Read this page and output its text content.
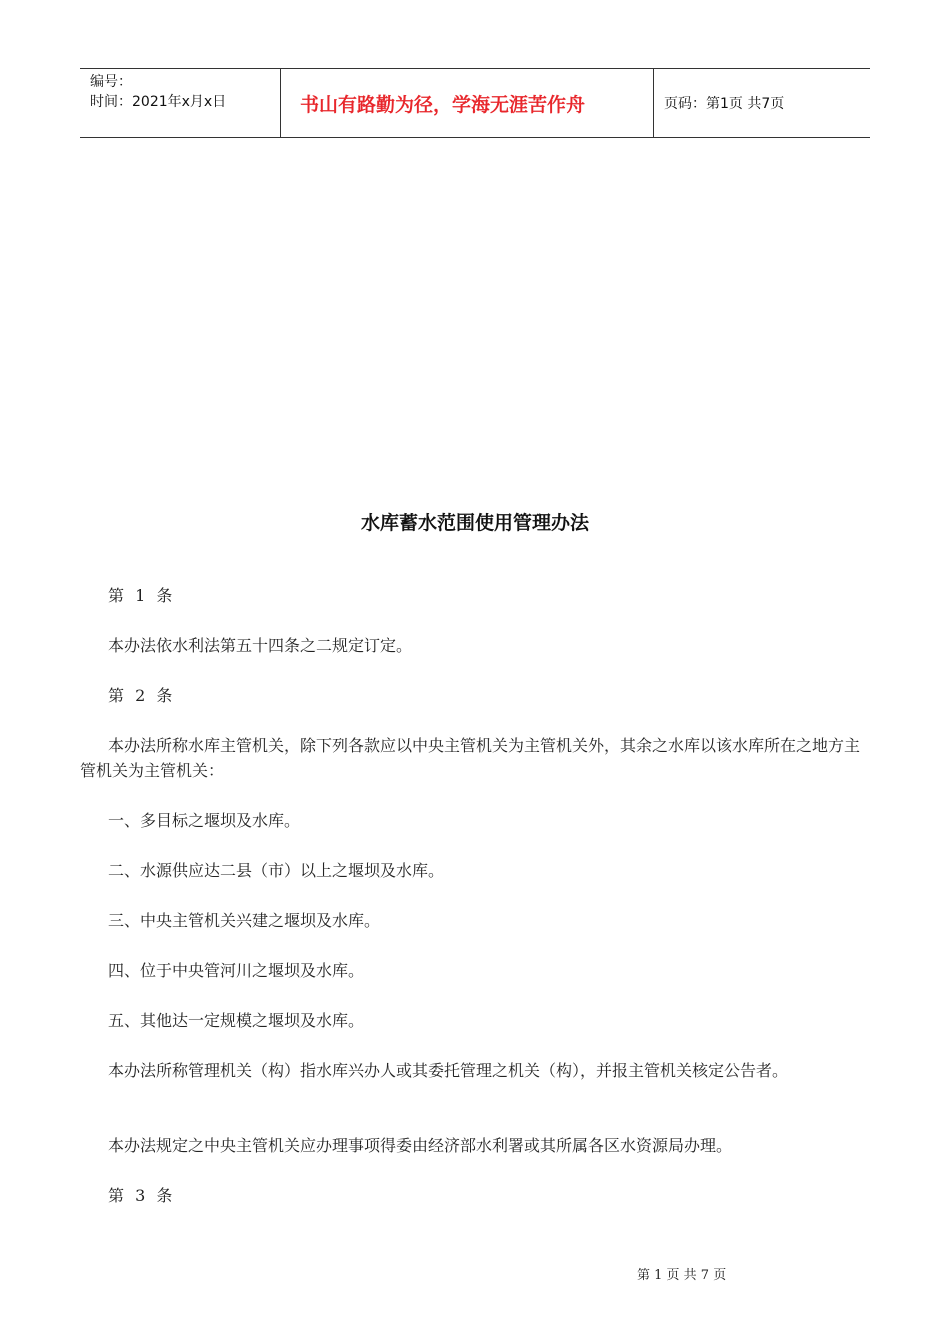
编号：
时间：2021年x月x日	书山有路勤为径，学海无涯苦作舟	页码：第1页 共7页
水库蓄水范围使用管理办法
第 1 条
本办法依水利法第五十四条之二规定订定。
第 2 条
本办法所称水库主管机关，除下列各款应以中央主管机关为主管机关外，其余之水库以该水库所在之地方主管机关为主管机关：
一、多目标之堰坝及水库。
二、水源供应达二县（市）以上之堰坝及水库。
三、中央主管机关兴建之堰坝及水库。
四、位于中央管河川之堰坝及水库。
五、其他达一定规模之堰坝及水库。
本办法所称管理机关（构）指水库兴办人或其委托管理之机关（构），并报主管机关核定公告者。
本办法规定之中央主管机关应办理事项得委由经济部水利署或其所属各区水资源局办理。
第 3 条
第 1 页 共 7 页
